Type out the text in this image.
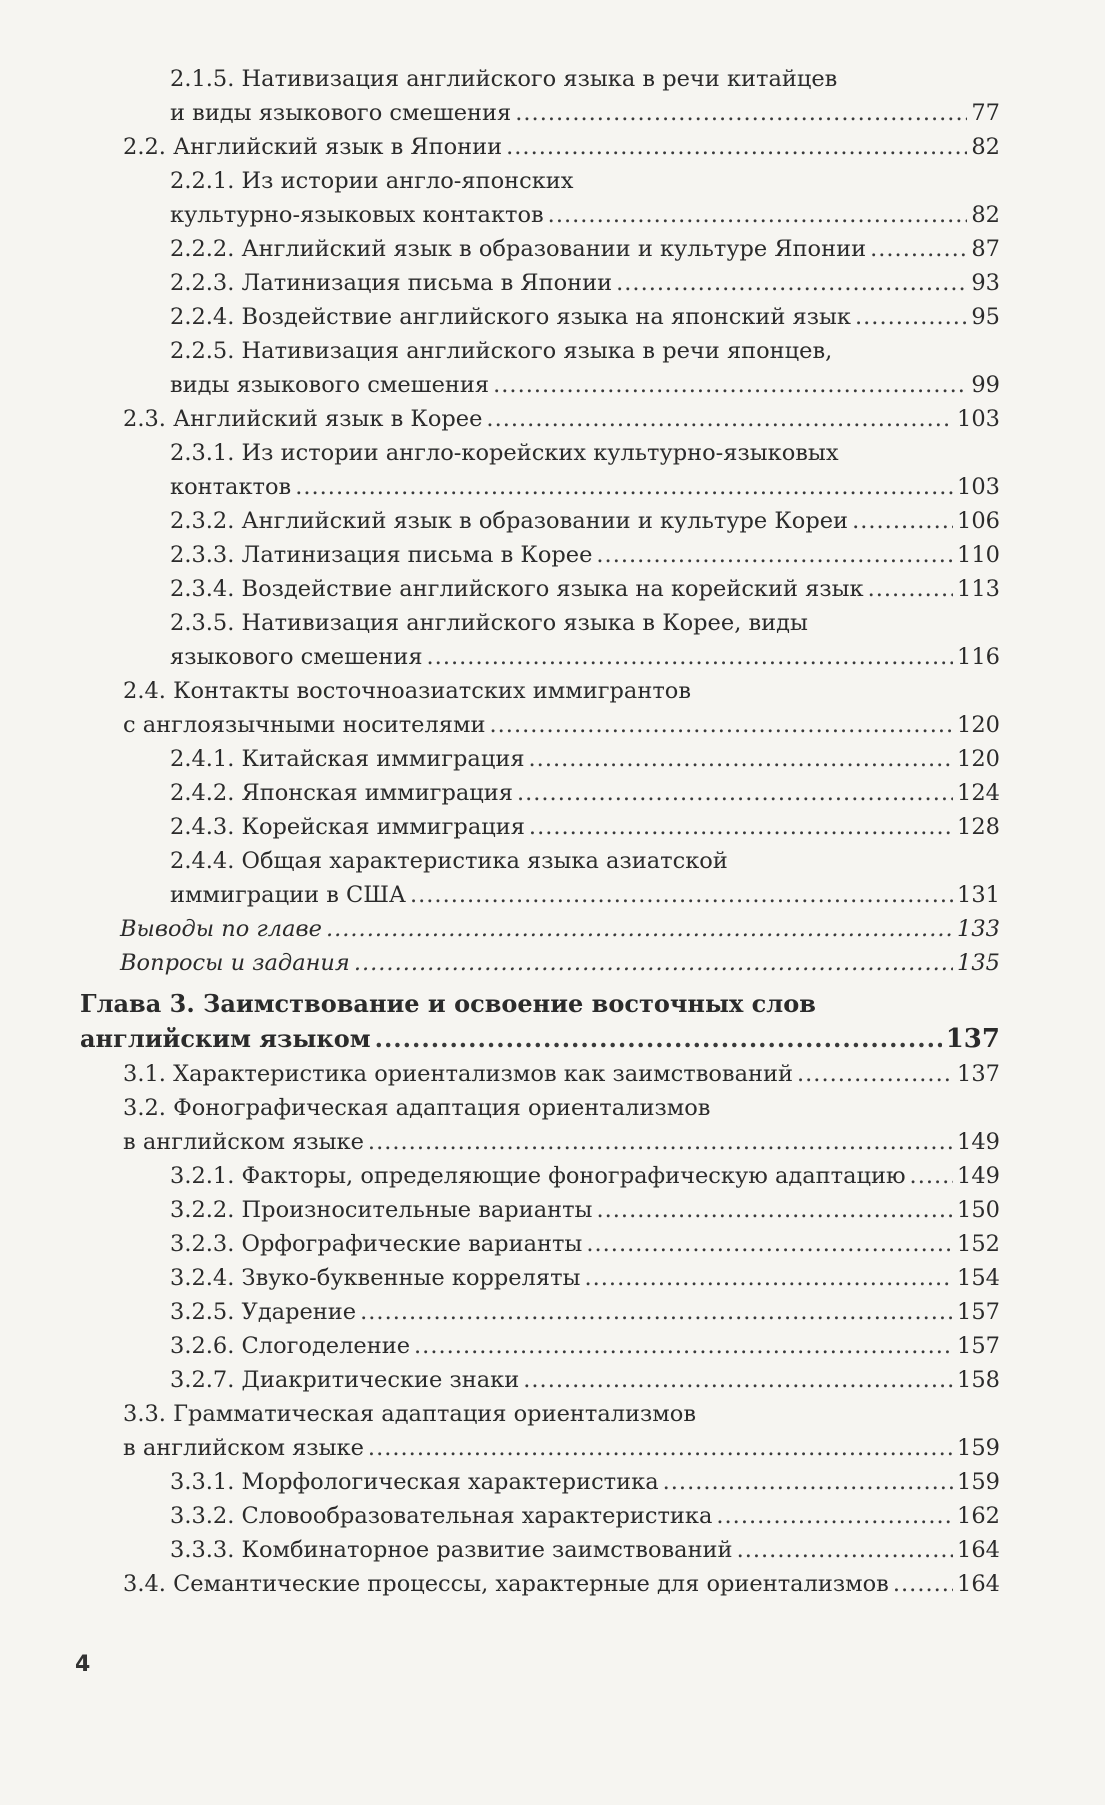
2.1.5. Нативизация английского языка в речи китайцев
и виды языкового смешения .....	77
2.2. Английский язык в Японии .....	82
2.2.1. Из истории англо-японских
культурно-языковых контактов .....	82
2.2.2. Английский язык в образовании и культуре Японии .....	87
2.2.3. Латинизация письма в Японии .....	93
2.2.4. Воздействие английского языка на японский язык .....	95
2.2.5. Нативизация английского языка в речи японцев,
виды языкового смешения .....	99
2.3. Английский язык в Корее .....	103
2.3.1. Из истории англо-корейских культурно-языковых
контактов .....	103
2.3.2. Английский язык в образовании и культуре Кореи .....	106
2.3.3. Латинизация письма в Корее .....	110
2.3.4. Воздействие английского языка на корейский язык .....	113
2.3.5. Нативизация английского языка в Корее, виды
языкового смешения .....	116
2.4. Контакты восточноазиатских иммигрантов
с англоязычными носителями .....	120
2.4.1. Китайская иммиграция .....	120
2.4.2. Японская иммиграция .....	124
2.4.3. Корейская иммиграция .....	128
2.4.4. Общая характеристика языка азиатской
иммиграции в США .....	131
Выводы по главе .....	133
Вопросы и задания .....	135
Глава 3. Заимствование и освоение восточных слов
английским языком .....	137
3.1. Характеристика ориентализмов как заимствований .....	137
3.2. Фонографическая адаптация ориентализмов
в английском языке .....	149
3.2.1. Факторы, определяющие фонографическую адаптацию ..... 149
3.2.2. Произносительные варианты .....	150
3.2.3. Орфографические варианты .....	152
3.2.4. Звуко-буквенные корреляты .....	154
3.2.5. Ударение .....	157
3.2.6. Слогоделение .....	157
3.2.7. Диакритические знаки .....	158
3.3. Грамматическая адаптация ориентализмов
в английском языке .....	159
3.3.1. Морфологическая характеристика .....	159
3.3.2. Словообразовательная характеристика .....	162
3.3.3. Комбинаторное развитие заимствований .....	164
3.4. Семантические процессы, характерные для ориентализмов .....	164
4
